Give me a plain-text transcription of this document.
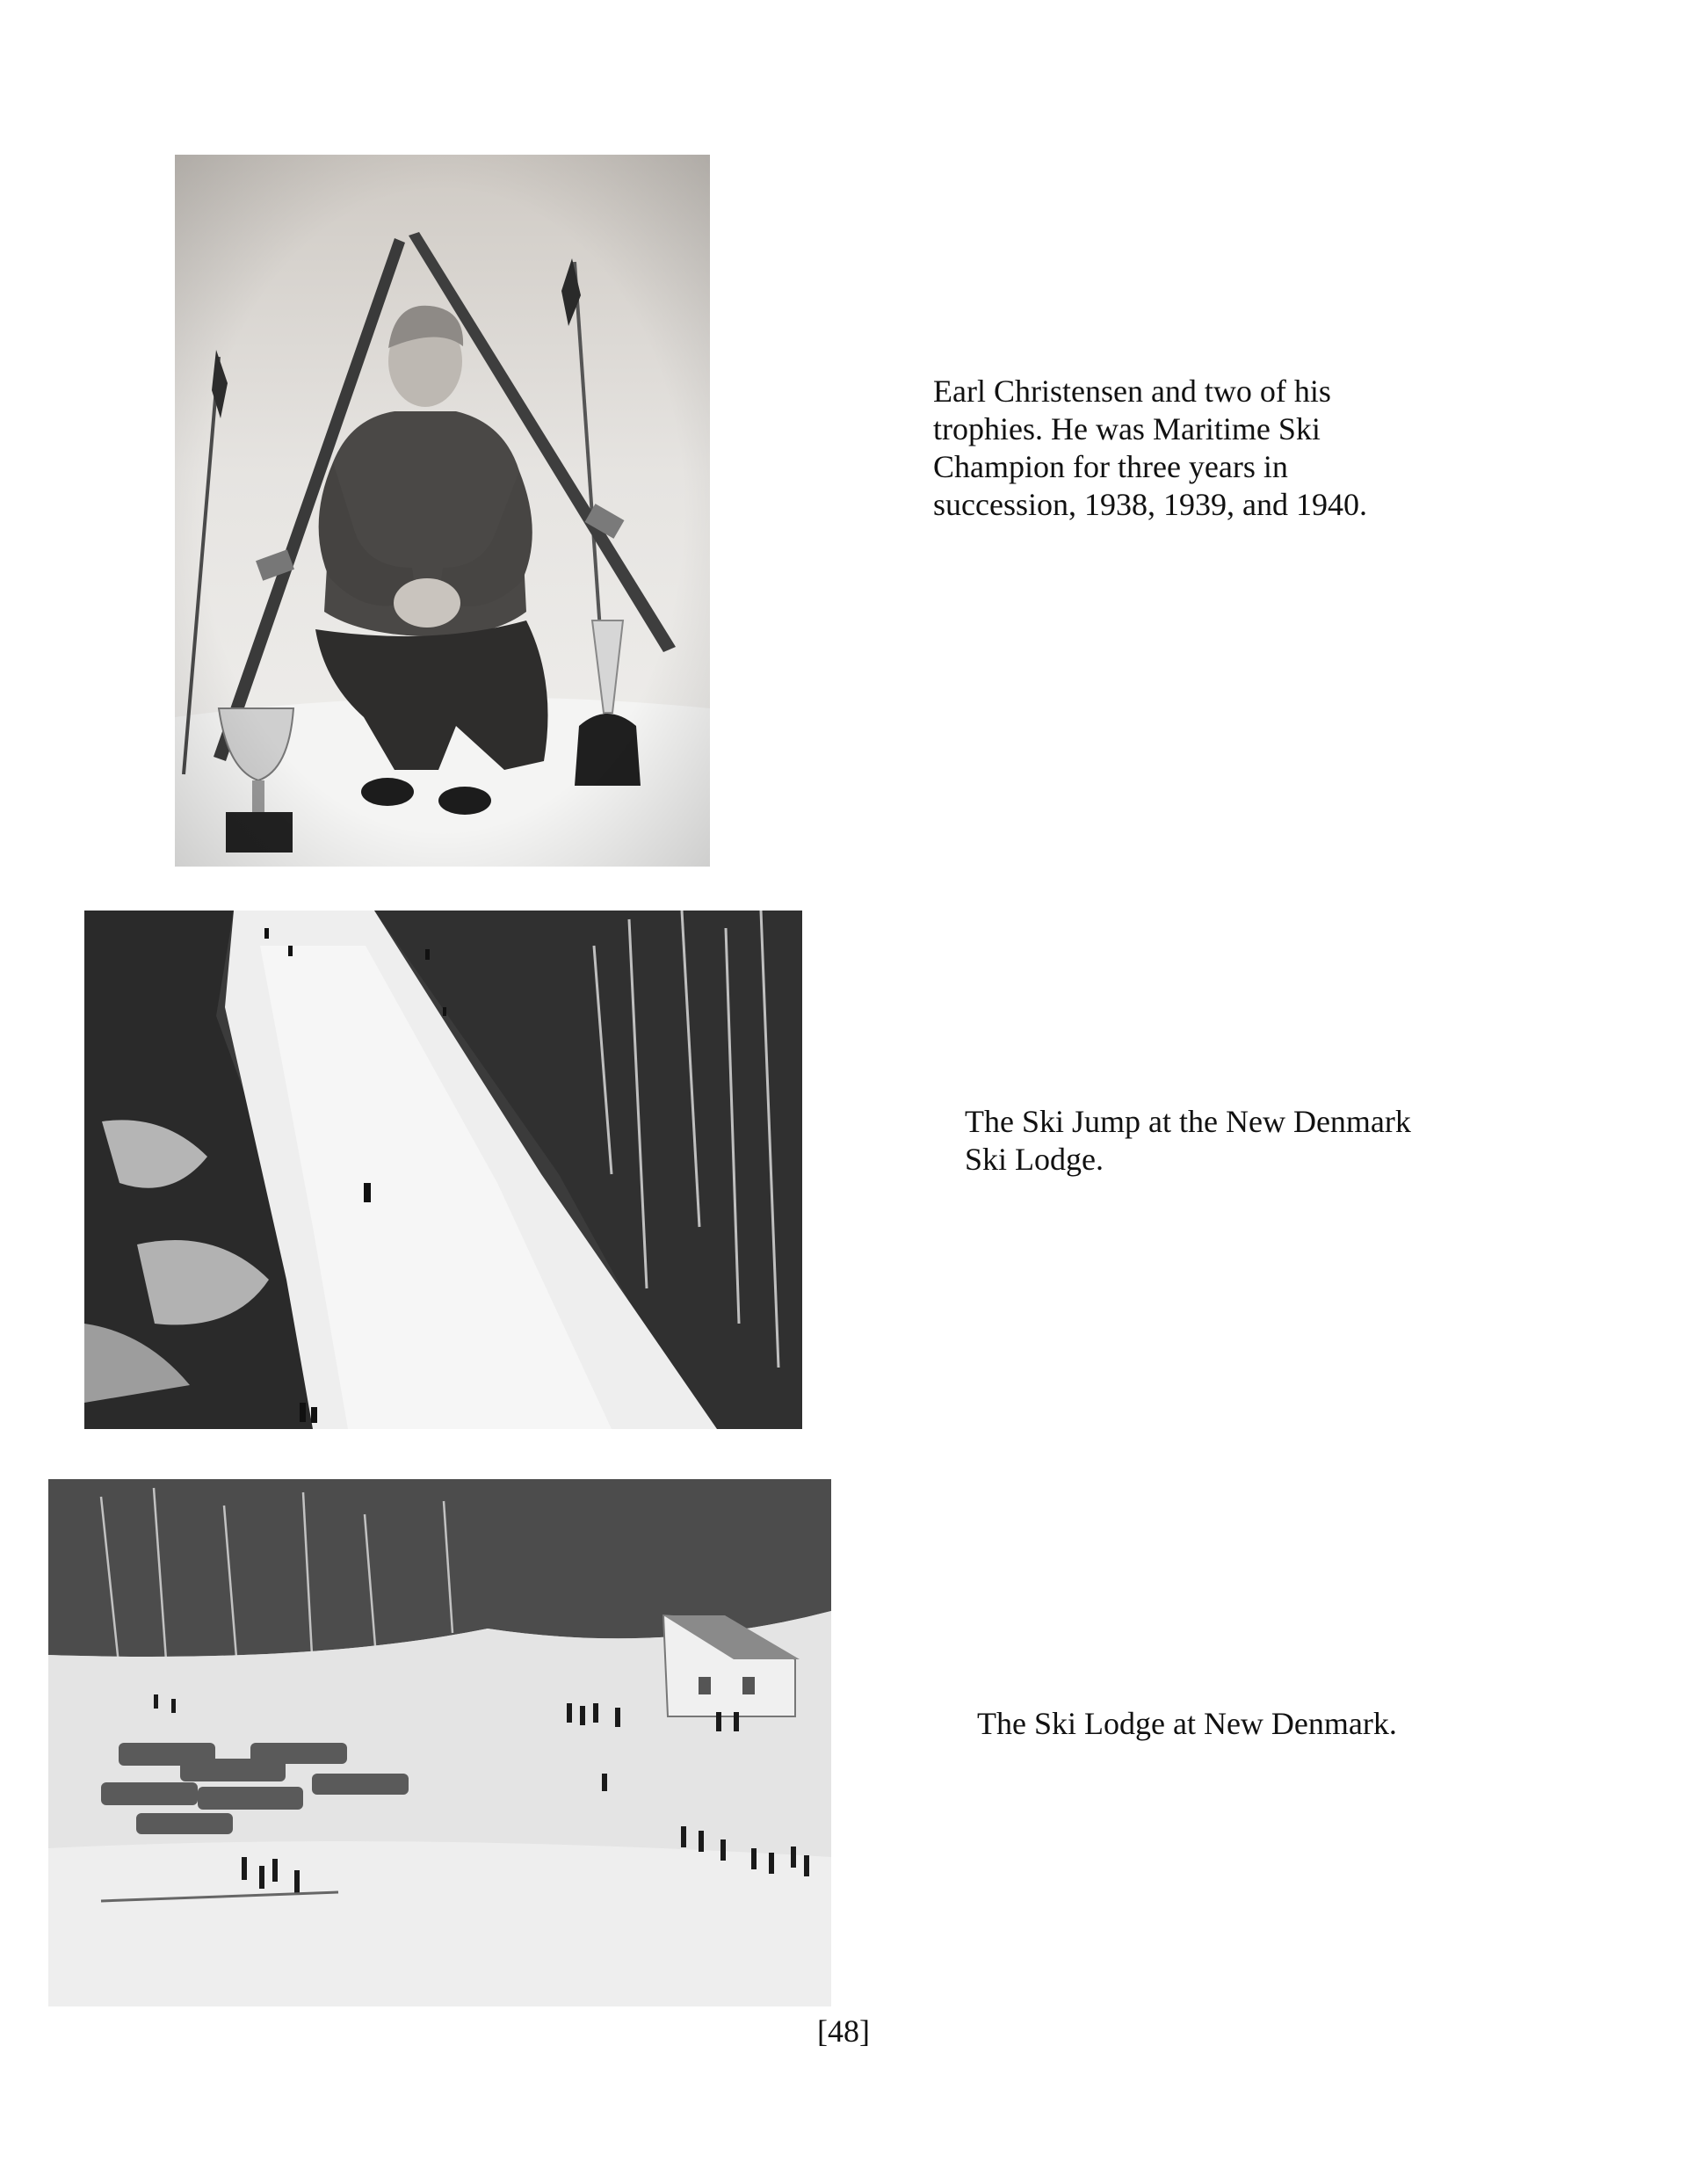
Earl Christensen and two of his
trophies. He was Maritime Ski
Champion for three years in
succession, 1938, 1939, and 1940.

The Ski Jump at the New Denmark
Ski Lodge.

The Ski Lodge at New Denmark.

[48]
